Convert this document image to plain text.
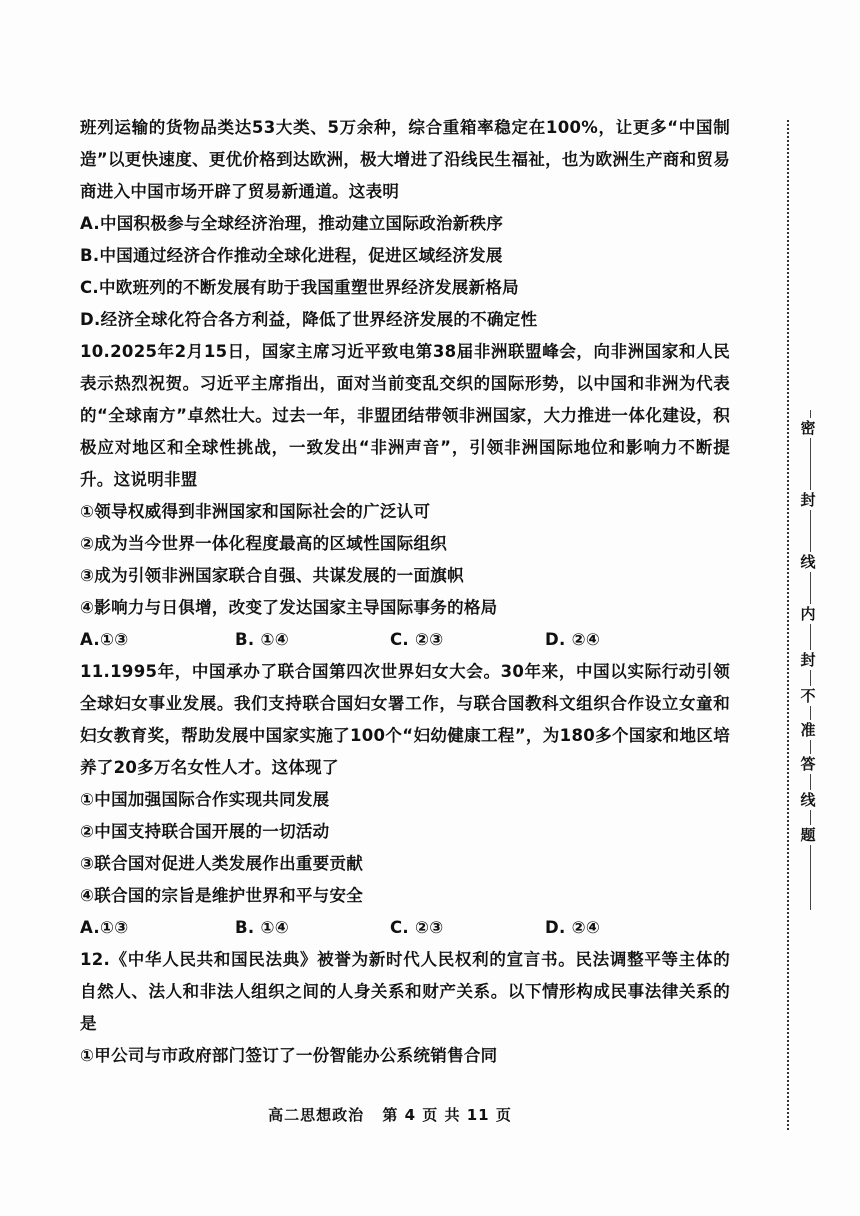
班列运输的货物品类达53大类、5万余种，综合重箱率稳定在100%，让更多“中国制造”以更快速度、更优价格到达欧洲，极大增进了沿线民生福祉，也为欧洲生产商和贸易商进入中国市场开辟了贸易新通道。这表明

A.中国积极参与全球经济治理，推动建立国际政治新秩序

B.中国通过经济合作推动全球化进程，促进区域经济发展

C.中欧班列的不断发展有助于我国重塑世界经济发展新格局

D.经济全球化符合各方利益，降低了世界经济发展的不确定性

10.2025年2月15日，国家主席习近平致电第38届非洲联盟峰会，向非洲国家和人民表示热烈祝贺。习近平主席指出，面对当前变乱交织的国际形势，以中国和非洲为代表的“全球南方”卓然壮大。过去一年，非盟团结带领非洲国家，大力推进一体化建设，积极应对地区和全球性挑战，一致发出“非洲声音”，引领非洲国际地位和影响力不断提升。这说明非盟

①领导权威得到非洲国家和国际社会的广泛认可

②成为当今世界一体化程度最高的区域性国际组织

③成为引领非洲国家联合自强、共谋发展的一面旗帜

④影响力与日俱增，改变了发达国家主导国际事务的格局

A.①③	B. ①④	C. ②③	D. ②④

11.1995年，中国承办了联合国第四次世界妇女大会。30年来，中国以实际行动引领全球妇女事业发展。我们支持联合国妇女署工作，与联合国教科文组织合作设立女童和妇女教育奖，帮助发展中国家实施了100个“妇幼健康工程”，为180多个国家和地区培养了20多万名女性人才。这体现了

①中国加强国际合作实现共同发展

②中国支持联合国开展的一切活动

③联合国对促进人类发展作出重要贡献

④联合国的宗旨是维护世界和平与安全

A.①③	B. ①④	C. ②③	D. ②④

12.《中华人民共和国民法典》被誉为新时代人民权利的宣言书。民法调整平等主体的自然人、法人和非法人组织之间的人身关系和财产关系。以下情形构成民事法律关系的是

①甲公司与市政府部门签订了一份智能办公系统销售合同

高二思想政治 第 4 页 共 11 页
密
封
线
内
封
不
准
答
线
题
